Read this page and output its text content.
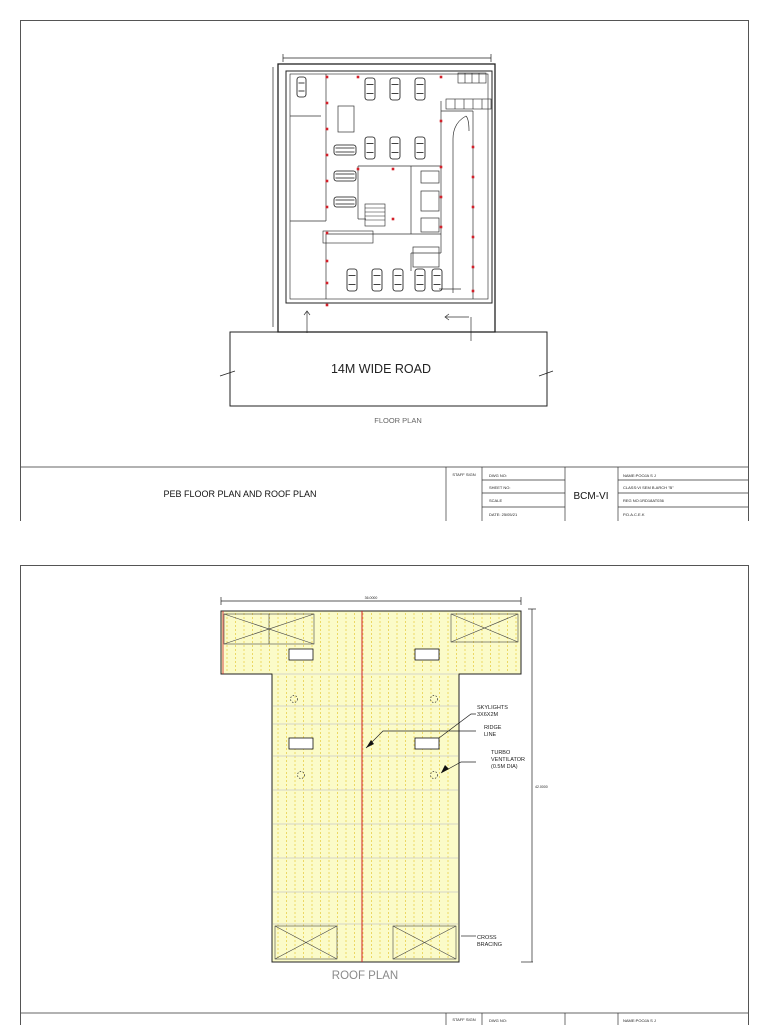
14M WIDE ROAD
FLOOR PLAN
PEB FLOOR PLAN AND ROOF PLAN
STAFF SIGN	DWG NO:
SHEET NO:
SCALE
DATE: 25/05/21
BCM-VI
NAME:POOJA S J
CLASS:VI SEM B.ARCH "B"
REG NO:1RD18AT036
P.D.A.C.E.K
36.0000
42.0000
SKYLIGHTS
3X6X2M
RIDGE
LINE
TURBO
VENTILATOR
(0.5M DIA)
CROSS
BRACING
ROOF PLAN
STAFF SIGN	DWG NO:	NAME:POOJA S J
